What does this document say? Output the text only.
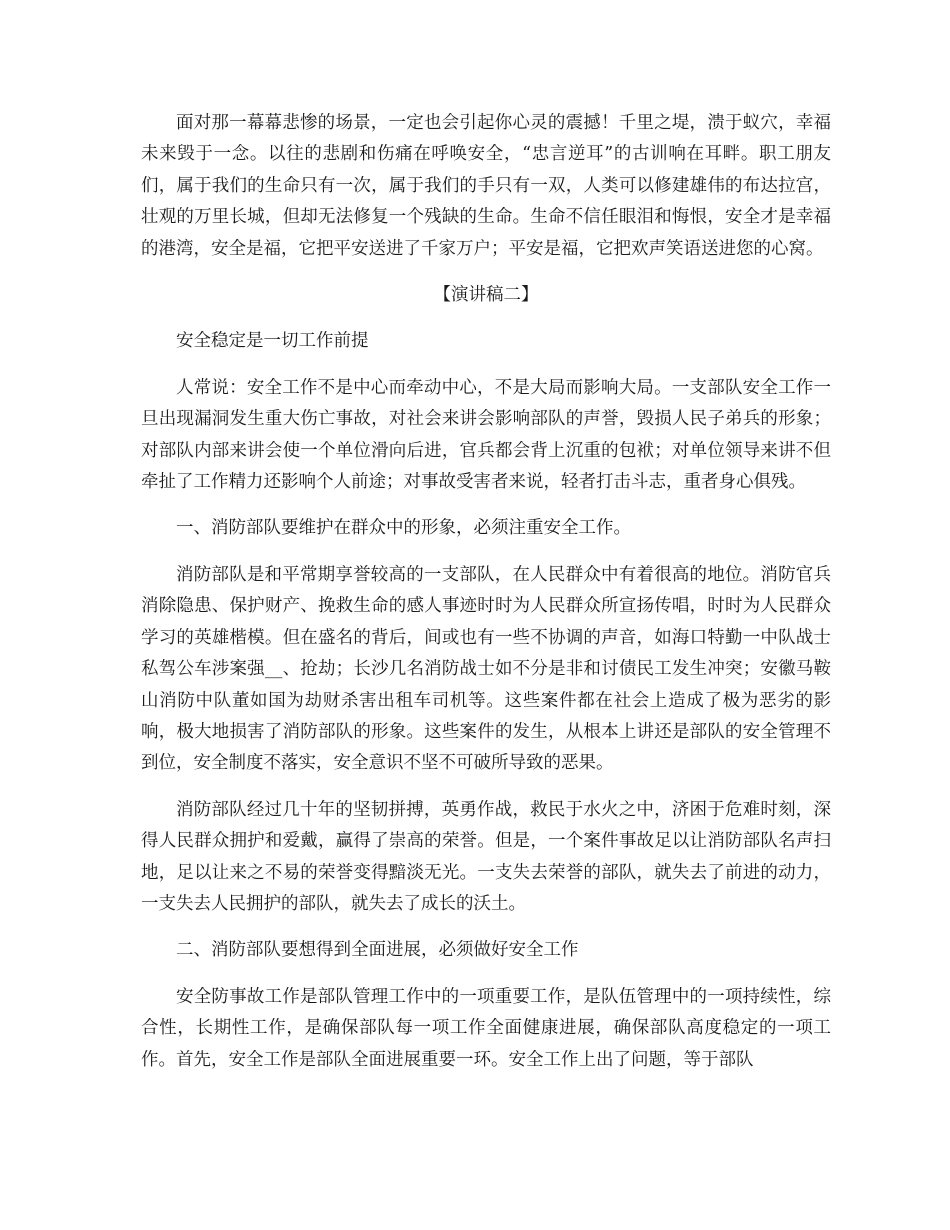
面对那一幕幕悲惨的场景，一定也会引起你心灵的震撼！千里之堤，溃于蚁穴，幸福未来毁于一念。以往的悲剧和伤痛在呼唤安全，“忠言逆耳”的古训响在耳畔。职工朋友们，属于我们的生命只有一次，属于我们的手只有一双，人类可以修建雄伟的布达拉宫，壮观的万里长城，但却无法修复一个残缺的生命。生命不信任眼泪和悔恨，安全才是幸福的港湾，安全是福，它把平安送进了千家万户；平安是福，它把欢声笑语送进您的心窝。

【演讲稿二】

安全稳定是一切工作前提

人常说：安全工作不是中心而牵动中心，不是大局而影响大局。一支部队安全工作一旦出现漏洞发生重大伤亡事故，对社会来讲会影响部队的声誉，毁损人民子弟兵的形象；对部队内部来讲会使一个单位滑向后进，官兵都会背上沉重的包袱；对单位领导来讲不但牵扯了工作精力还影响个人前途；对事故受害者来说，轻者打击斗志，重者身心俱残。

一、消防部队要维护在群众中的形象，必须注重安全工作。

消防部队是和平常期享誉较高的一支部队，在人民群众中有着很高的地位。消防官兵消除隐患、保护财产、挽救生命的感人事迹时时为人民群众所宣扬传唱，时时为人民群众学习的英雄楷模。但在盛名的背后，间或也有一些不协调的声音，如海口特勤一中队战士私驾公车涉案强__、抢劫；长沙几名消防战士如不分是非和讨债民工发生冲突；安徽马鞍山消防中队董如国为劫财杀害出租车司机等。这些案件都在社会上造成了极为恶劣的影响，极大地损害了消防部队的形象。这些案件的发生，从根本上讲还是部队的安全管理不到位，安全制度不落实，安全意识不坚不可破所导致的恶果。

消防部队经过几十年的坚韧拼搏，英勇作战，救民于水火之中，济困于危难时刻，深得人民群众拥护和爱戴，赢得了崇高的荣誉。但是，一个案件事故足以让消防部队名声扫地，足以让来之不易的荣誉变得黯淡无光。一支失去荣誉的部队，就失去了前进的动力，一支失去人民拥护的部队，就失去了成长的沃土。

二、消防部队要想得到全面进展，必须做好安全工作

安全防事故工作是部队管理工作中的一项重要工作，是队伍管理中的一项持续性，综合性，长期性工作，是确保部队每一项工作全面健康进展，确保部队高度稳定的一项工作。首先，安全工作是部队全面进展重要一环。安全工作上出了问题，等于部队
